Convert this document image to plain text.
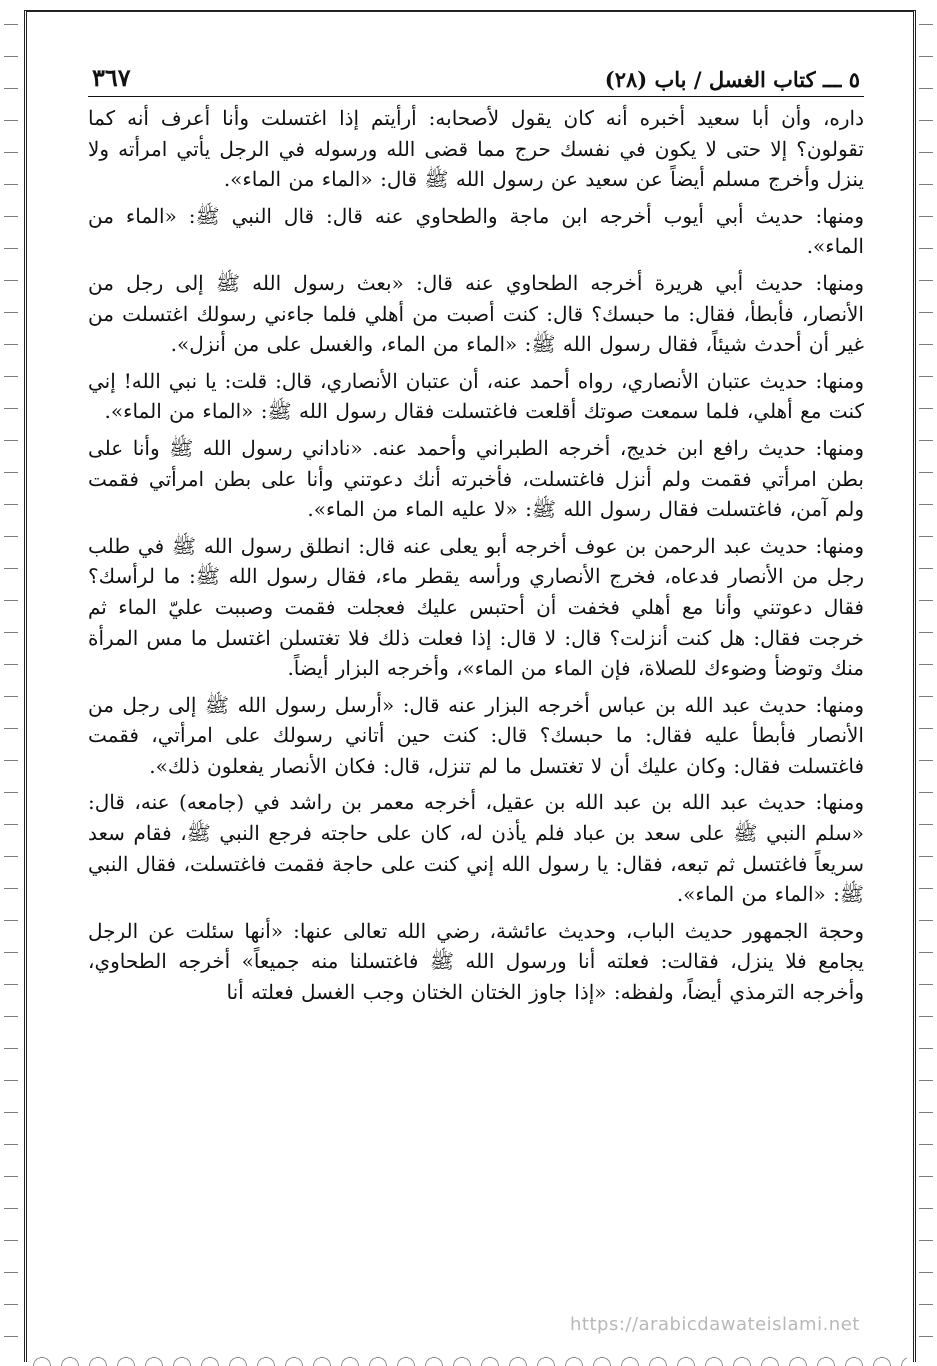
٥ ـــ كتاب الغسل / باب (٢٨)
٣٦٧

داره، وأن أبا سعيد أخبره أنه كان يقول لأصحابه: أرأيتم إذا اغتسلت وأنا أعرف أنه كما تقولون؟ إلا حتى لا يكون في نفسك حرج مما قضى الله ورسوله في الرجل يأتي امرأته ولا ينزل وأخرج مسلم أيضاً عن سعيد عن رسول الله ﷺ قال: «الماء من الماء».

ومنها: حديث أبي أيوب أخرجه ابن ماجة والطحاوي عنه قال: قال النبي ﷺ: «الماء من الماء».

ومنها: حديث أبي هريرة أخرجه الطحاوي عنه قال: «بعث رسول الله ﷺ إلى رجل من الأنصار، فأبطأ، فقال: ما حبسك؟ قال: كنت أصبت من أهلي فلما جاءني رسولك اغتسلت من غير أن أحدث شيئاً، فقال رسول الله ﷺ: «الماء من الماء، والغسل على من أنزل».

ومنها: حديث عتبان الأنصاري، رواه أحمد عنه، أن عتبان الأنصاري، قال: قلت: يا نبي الله! إني كنت مع أهلي، فلما سمعت صوتك أقلعت فاغتسلت فقال رسول الله ﷺ: «الماء من الماء».

ومنها: حديث رافع ابن خديج، أخرجه الطبراني وأحمد عنه. «ناداني رسول الله ﷺ وأنا على بطن امرأتي فقمت ولم أنزل فاغتسلت، فأخبرته أنك دعوتني وأنا على بطن امرأتي فقمت ولم آمن، فاغتسلت فقال رسول الله ﷺ: «لا عليه الماء من الماء».

ومنها: حديث عبد الرحمن بن عوف أخرجه أبو يعلى عنه قال: انطلق رسول الله ﷺ في طلب رجل من الأنصار فدعاه، فخرج الأنصاري ورأسه يقطر ماء، فقال رسول الله ﷺ: ما لرأسك؟ فقال دعوتني وأنا مع أهلي فخفت أن أحتبس عليك فعجلت فقمت وصببت عليّ الماء ثم خرجت فقال: هل كنت أنزلت؟ قال: لا قال: إذا فعلت ذلك فلا تغتسلن اغتسل ما مس المرأة منك وتوضأ وضوءك للصلاة، فإن الماء من الماء»، وأخرجه البزار أيضاً.

ومنها: حديث عبد الله بن عباس أخرجه البزار عنه قال: «أرسل رسول الله ﷺ إلى رجل من الأنصار فأبطأ عليه فقال: ما حبسك؟ قال: كنت حين أتاني رسولك على امرأتي، فقمت فاغتسلت فقال: وكان عليك أن لا تغتسل ما لم تنزل، قال: فكان الأنصار يفعلون ذلك».

ومنها: حديث عبد الله بن عبد الله بن عقيل، أخرجه معمر بن راشد في (جامعه) عنه، قال: «سلم النبي ﷺ على سعد بن عباد فلم يأذن له، كان على حاجته فرجع النبي ﷺ، فقام سعد سريعاً فاغتسل ثم تبعه، فقال: يا رسول الله إني كنت على حاجة فقمت فاغتسلت، فقال النبي ﷺ: «الماء من الماء».

وحجة الجمهور حديث الباب، وحديث عائشة، رضي الله تعالى عنها: «أنها سئلت عن الرجل يجامع فلا ينزل، فقالت: فعلته أنا ورسول الله ﷺ فاغتسلنا منه جميعاً» أخرجه الطحاوي، وأخرجه الترمذي أيضاً، ولفظه: «إذا جاوز الختان الختان وجب الغسل فعلته أنا

https://arabicdawateislami.net
